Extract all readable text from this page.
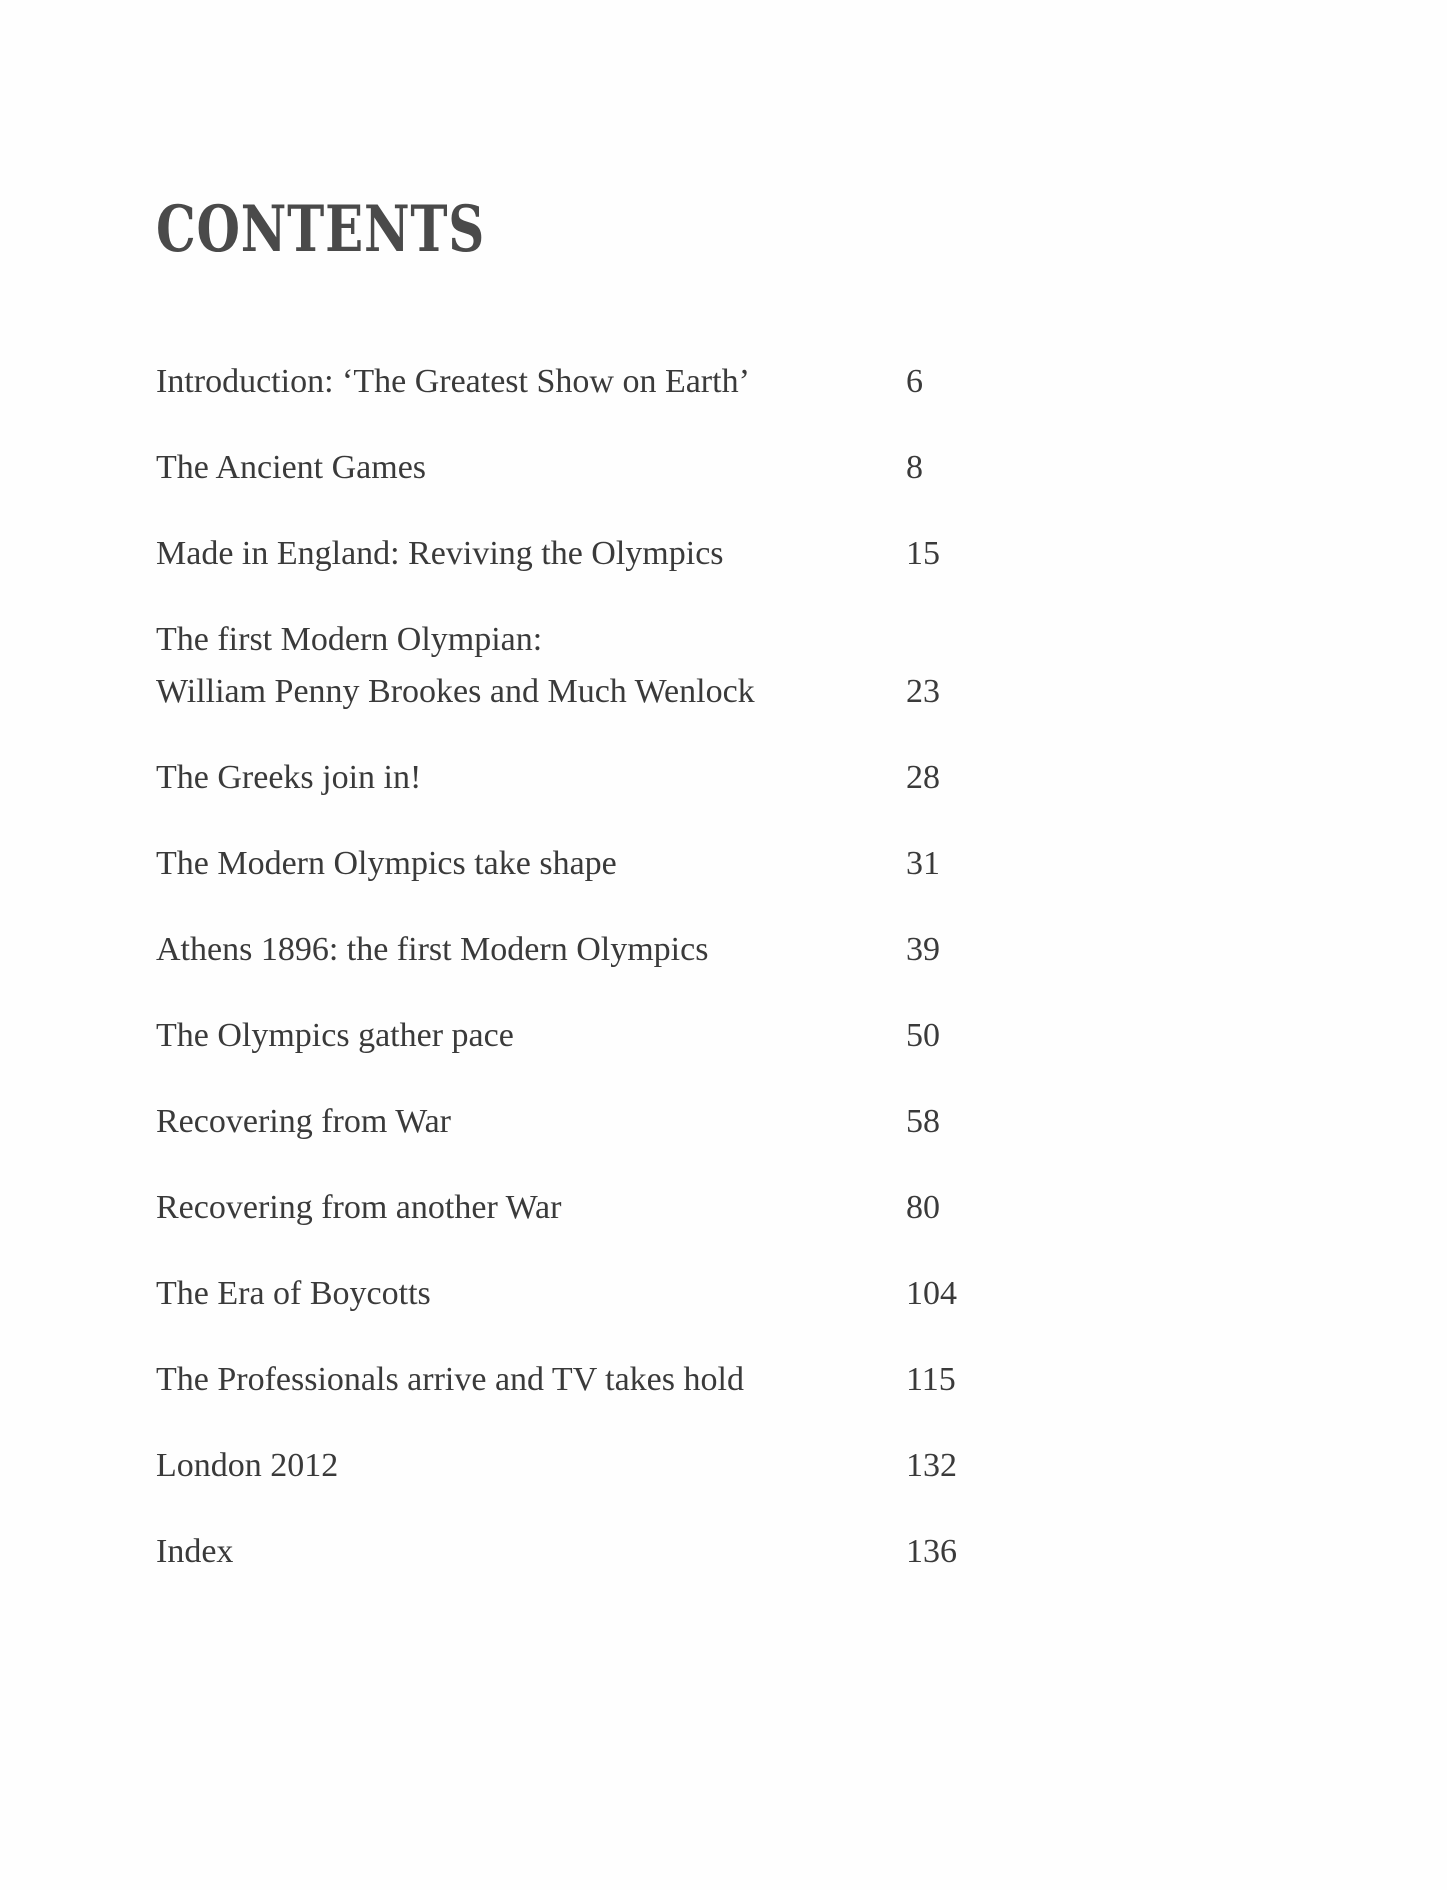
CONTENTS
Introduction: ‘The Greatest Show on Earth’	6
The Ancient Games	8
Made in England: Reviving the Olympics	15
The first Modern Olympian:
William Penny Brookes and Much Wenlock	23
The Greeks join in!	28
The Modern Olympics take shape	31
Athens 1896: the first Modern Olympics	39
The Olympics gather pace	50
Recovering from War	58
Recovering from another War	80
The Era of Boycotts	104
The Professionals arrive and TV takes hold	115
London 2012	132
Index	136
